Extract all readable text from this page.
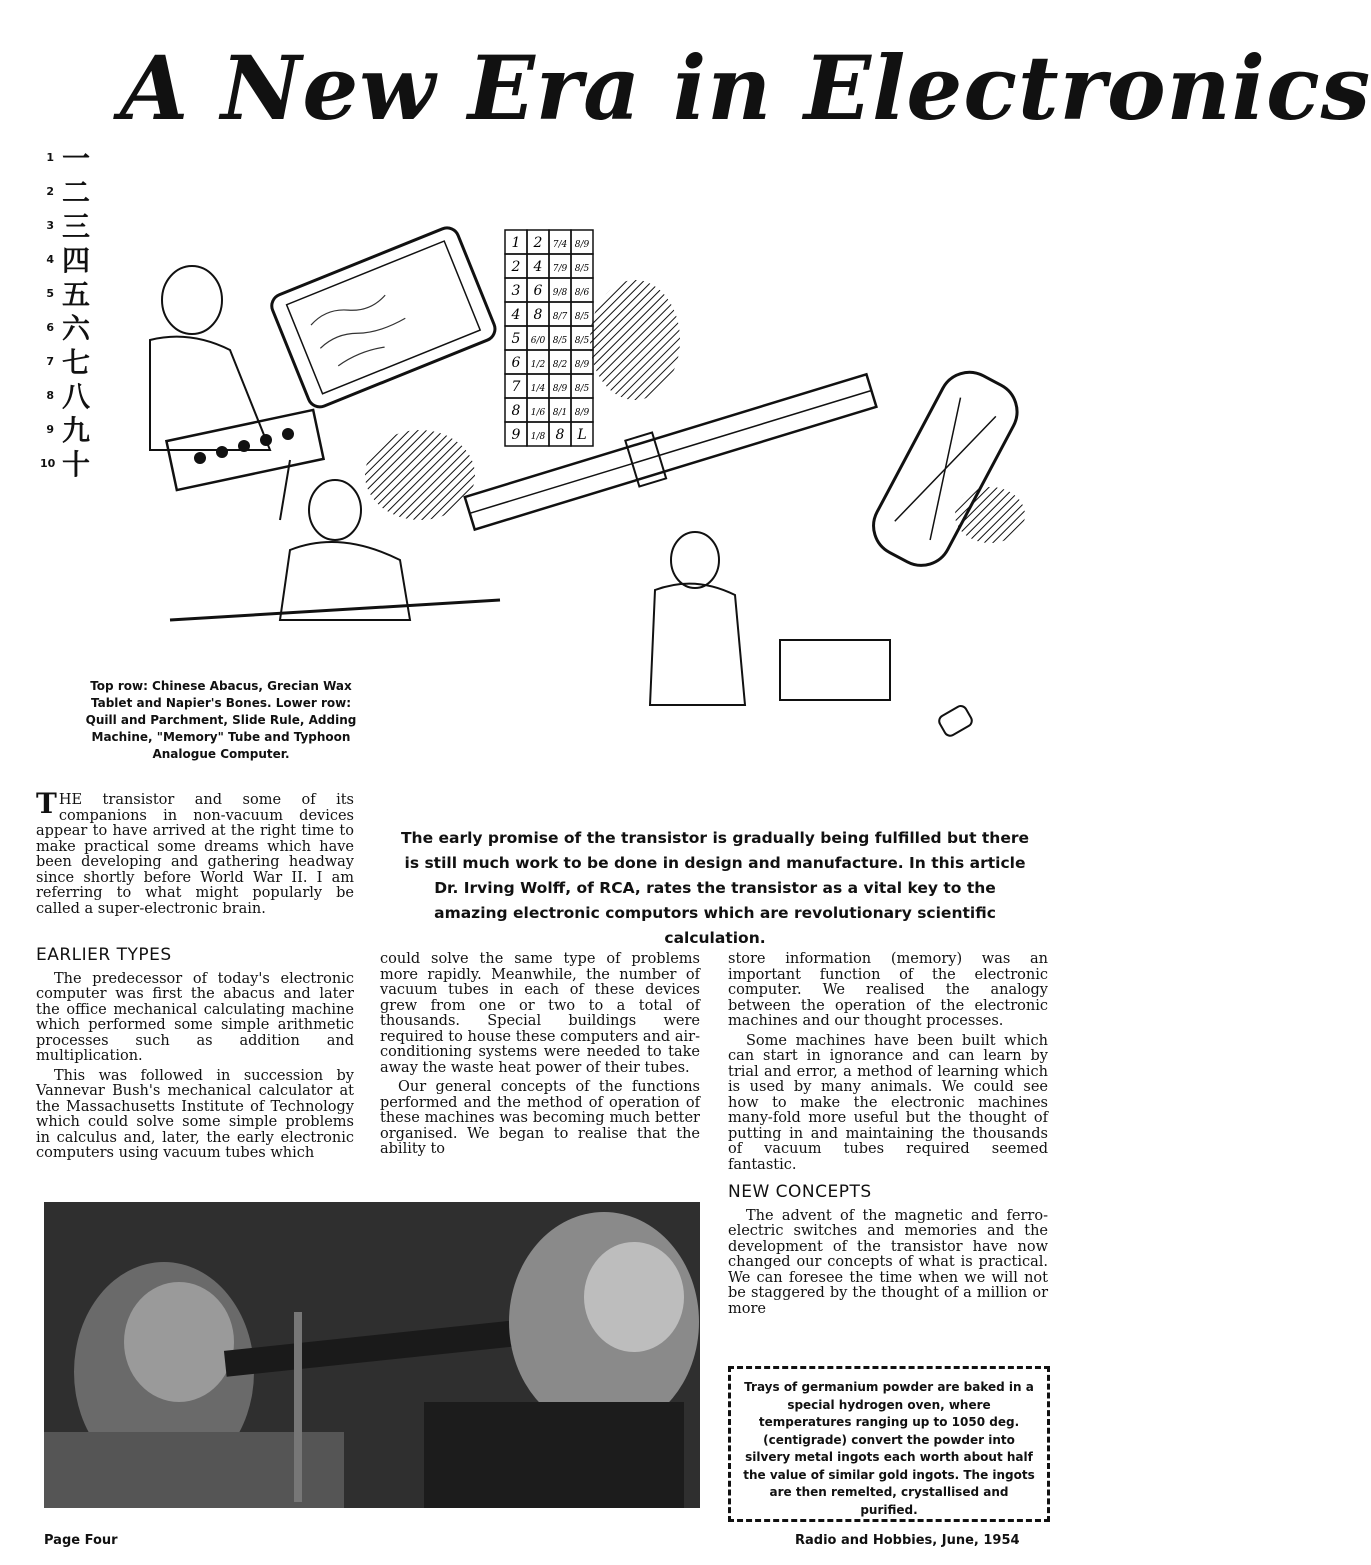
A New Era in Electronics
1 一
2 二
3 三
4 四
5 五
6 六
7 七
8 八
9 九
10 十
1 2 7/4 8/9
2 4 7/9 8/5
3 6 9/8 8/6
4 8 8/7 8/5
5 6/0 8/5 8/5
6 1/2 8/2 8/9
7 1/4 8/9 8/5
8 1/6 8/1 8/9
9 1/8 8 L
Top row: Chinese Abacus, Grecian Wax Tablet and Napier's Bones. Lower row: Quill and Parchment, Slide Rule, Adding Machine, "Memory" Tube and Typhoon Analogue Computer.
THE transistor and some of its companions in non-vacuum devices appear to have arrived at the right time to make practical some dreams which have been developing and gathering headway since shortly before World War II. I am referring to what might popularly be called a super-electronic brain.
The early promise of the transistor is gradually being fulfilled but there is still much work to be done in design and manufacture. In this article Dr. Irving Wolff, of RCA, rates the transistor as a vital key to the amazing electronic computors which are revolutionary scientific calculation.
EARLIER TYPES

The predecessor of today's electronic computer was first the abacus and later the office mechanical calculating machine which performed some simple arithmetic processes such as addition and multiplication.

This was followed in succession by Vannevar Bush's mechanical calculator at the Massachusetts Institute of Technology which could solve some simple problems in calculus and, later, the early electronic computers using vacuum tubes which

could solve the same type of problems more rapidly. Meanwhile, the number of vacuum tubes in each of these devices grew from one or two to a total of thousands. Special buildings were required to house these computers and air-conditioning systems were needed to take away the waste heat power of their tubes.

Our general concepts of the functions performed and the method of operation of these machines was becoming much better organised. We began to realise that the ability to

store information (memory) was an important function of the electronic computer. We realised the analogy between the operation of the electronic machines and our thought processes.

Some machines have been built which can start in ignorance and can learn by trial and error, a method of learning which is used by many animals. We could see how to make the electronic machines many-fold more useful but the thought of putting in and maintaining the thousands of vacuum tubes required seemed fantastic.

NEW CONCEPTS

The advent of the magnetic and ferro-electric switches and memories and the development of the transistor have now changed our concepts of what is practical. We can foresee the time when we will not be staggered by the thought of a million or more

Trays of germanium powder are baked in a special hydrogen oven, where temperatures ranging up to 1050 deg. (centigrade) convert the powder into silvery metal ingots each worth about half the value of similar gold ingots. The ingots are then remelted, crystallised and purified.
Page Four	Radio and Hobbies, June, 1954
